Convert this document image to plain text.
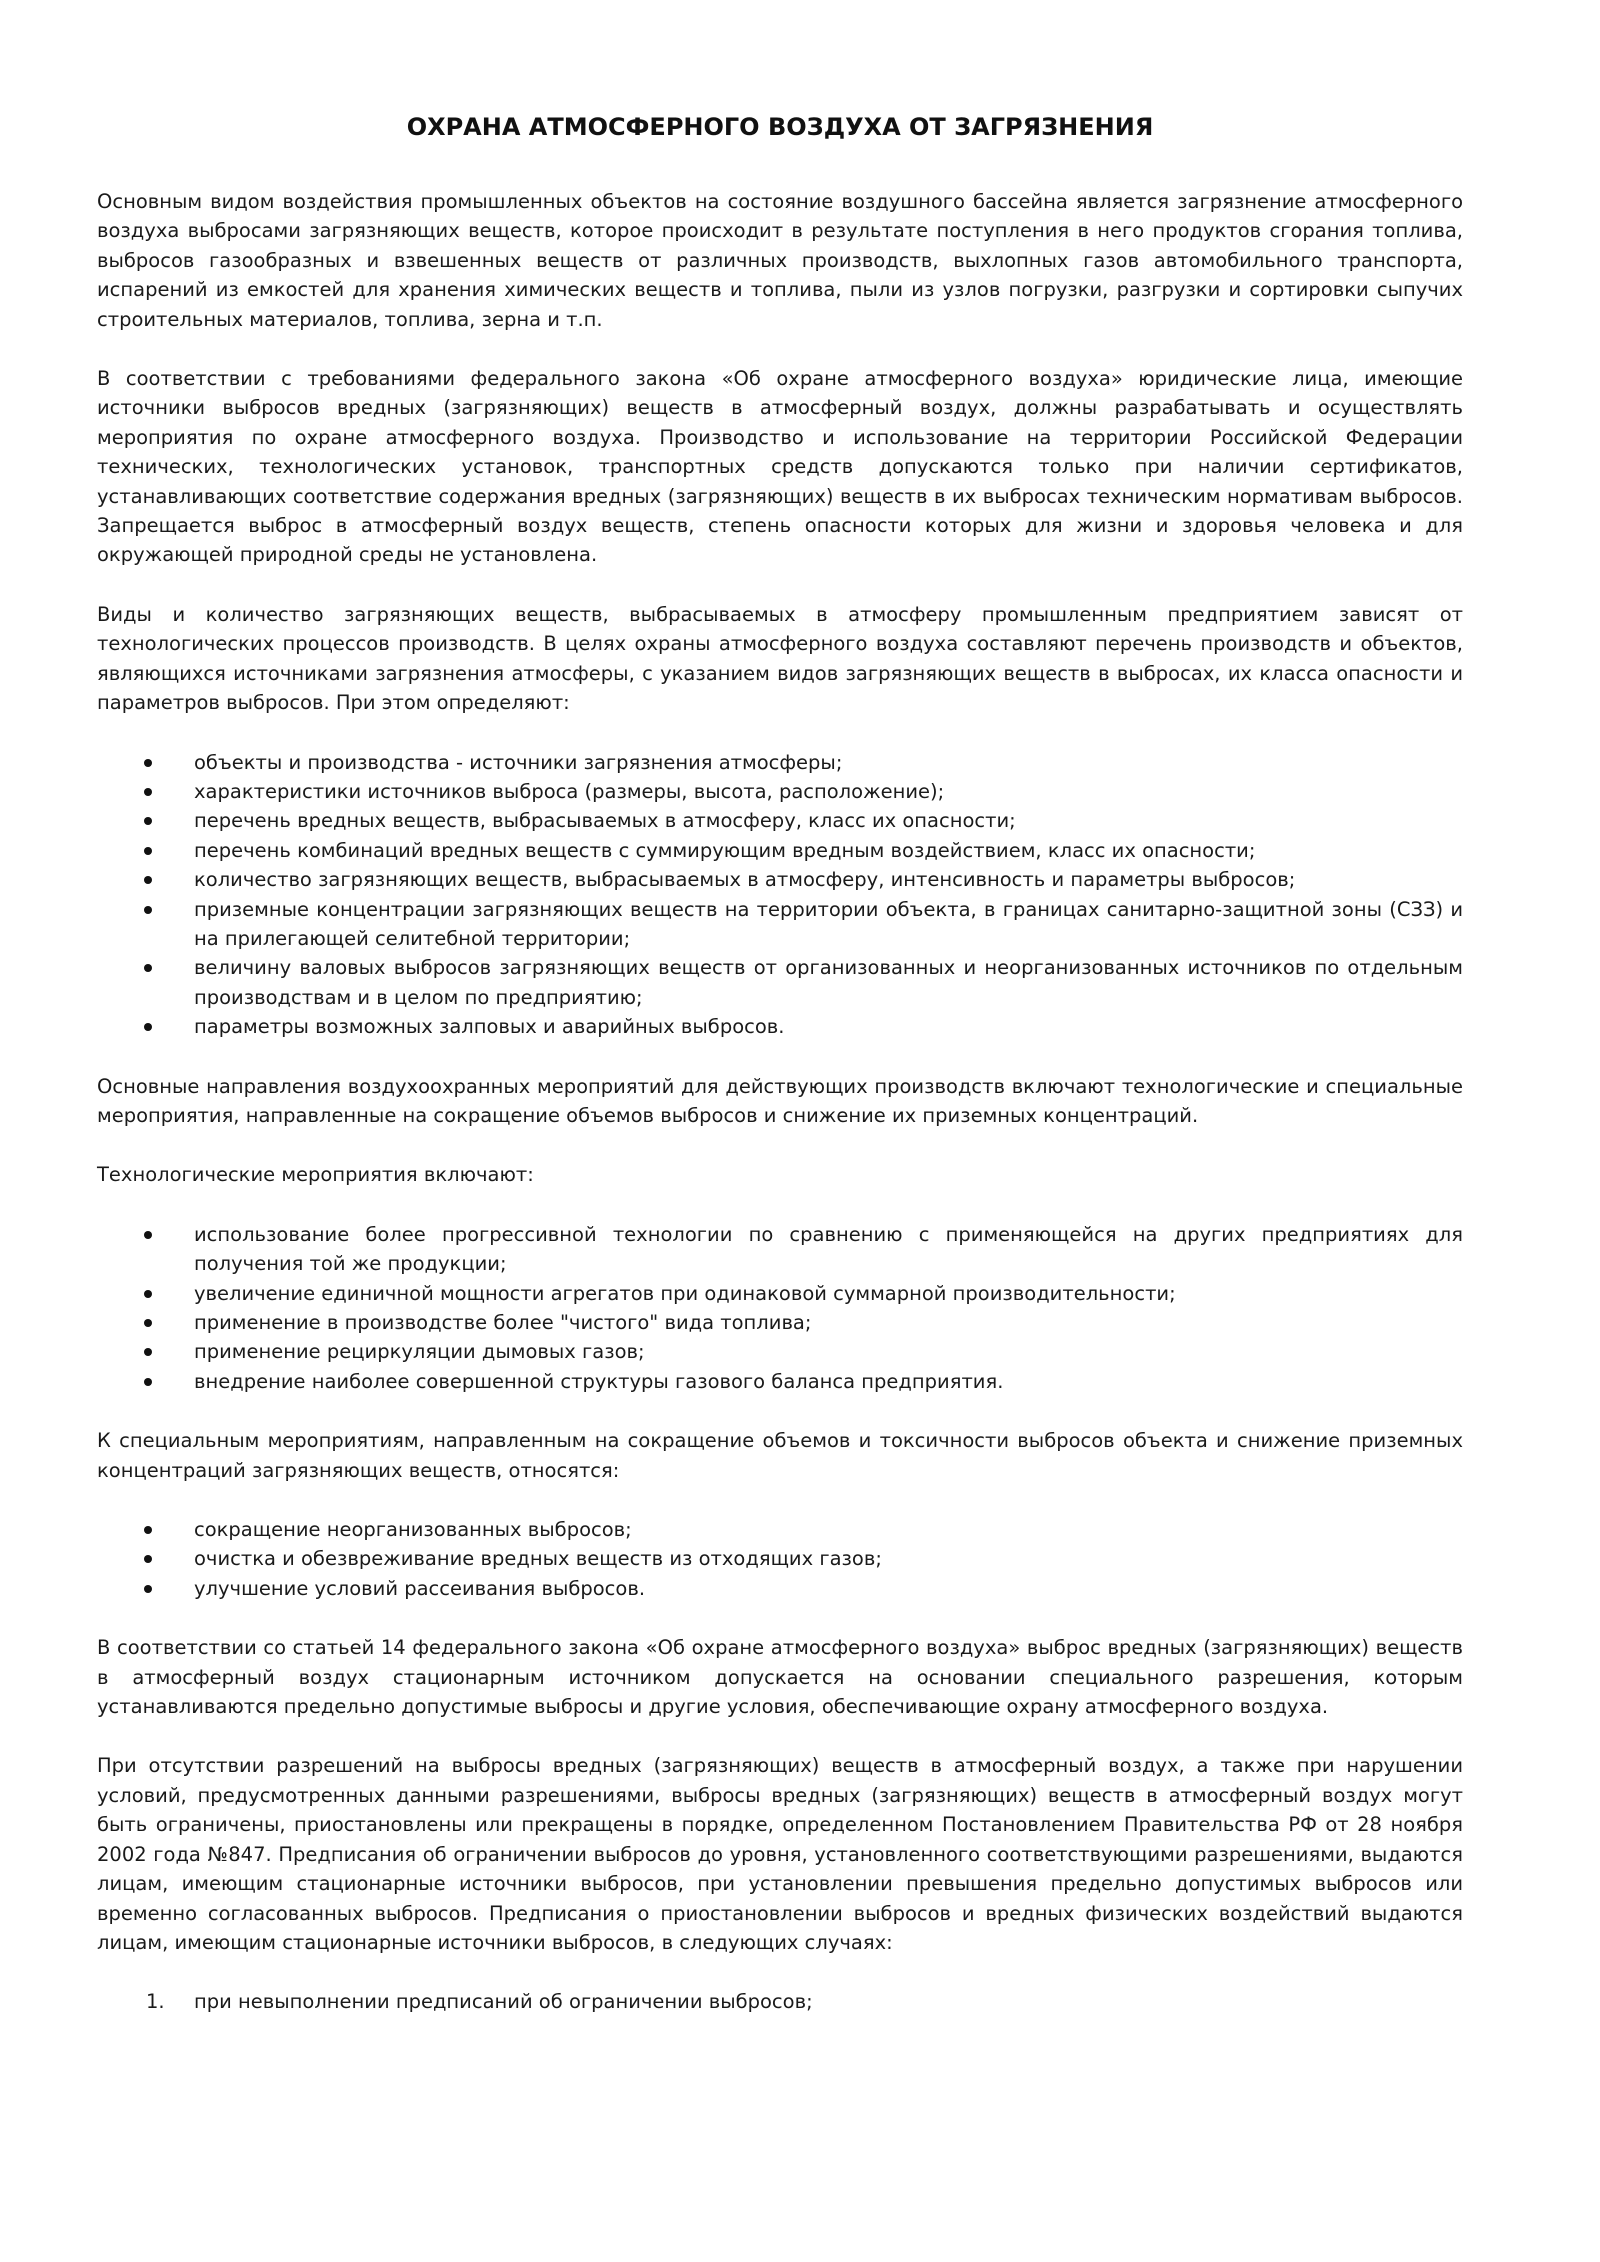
ОХРАНА АТМОСФЕРНОГО ВОЗДУХА ОТ ЗАГРЯЗНЕНИЯ

Основным видом воздействия промышленных объектов на состояние воздушного бассейна является загрязнение атмосферного воздуха выбросами загрязняющих веществ, которое происходит в результате поступления в него продуктов сгорания топлива, выбросов газообразных и взвешенных веществ от различных производств, выхлопных газов автомобильного транспорта, испарений из емкостей для хранения химических веществ и топлива, пыли из узлов погрузки, разгрузки и сортировки сыпучих строительных материалов, топлива, зерна и т.п.

В соответствии с требованиями федерального закона «Об охране атмосферного воздуха» юридические лица, имеющие источники выбросов вредных (загрязняющих) веществ в атмосферный воздух, должны разрабатывать и осуществлять мероприятия по охране атмосферного воздуха. Производство и использование на территории Российской Федерации технических, технологических установок, транспортных средств допускаются только при наличии сертификатов, устанавливающих соответствие содержания вредных (загрязняющих) веществ в их выбросах техническим нормативам выбросов. Запрещается выброс в атмосферный воздух веществ, степень опасности которых для жизни и здоровья человека и для окружающей природной среды не установлена.

Виды и количество загрязняющих веществ, выбрасываемых в атмосферу промышленным предприятием зависят от технологических процессов производств. В целях охраны атмосферного воздуха составляют перечень производств и объектов, являющихся источниками загрязнения атмосферы, с указанием видов загрязняющих веществ в выбросах, их класса опасности и параметров выбросов. При этом определяют:

объекты и производства - источники загрязнения атмосферы;
характеристики источников выброса (размеры, высота, расположение);
перечень вредных веществ, выбрасываемых в атмосферу, класс их опасности;
перечень комбинаций вредных веществ с суммирующим вредным воздействием, класс их опасности;
количество загрязняющих веществ, выбрасываемых в атмосферу, интенсивность и параметры выбросов;
приземные концентрации загрязняющих веществ на территории объекта, в границах санитарно-защитной зоны (СЗЗ) и на прилегающей селитебной территории;
величину валовых выбросов загрязняющих веществ от организованных и неорганизованных источников по отдельным производствам и в целом по предприятию;
параметры возможных залповых и аварийных выбросов.

Основные направления воздухоохранных мероприятий для действующих производств включают технологические и специальные мероприятия, направленные на сокращение объемов выбросов и снижение их приземных концентраций.

Технологические мероприятия включают:

использование более прогрессивной технологии по сравнению с применяющейся на других предприятиях для получения той же продукции;
увеличение единичной мощности агрегатов при одинаковой суммарной производительности;
применение в производстве более "чистого" вида топлива;
применение рециркуляции дымовых газов;
внедрение наиболее совершенной структуры газового баланса предприятия.

К специальным мероприятиям, направленным на сокращение объемов и токсичности выбросов объекта и снижение приземных концентраций загрязняющих веществ, относятся:

сокращение неорганизованных выбросов;
очистка и обезвреживание вредных веществ из отходящих газов;
улучшение условий рассеивания выбросов.

В соответствии со статьей 14 федерального закона «Об охране атмосферного воздуха» выброс вредных (загрязняющих) веществ в атмосферный воздух стационарным источником допускается на основании специального разрешения, которым устанавливаются предельно допустимые выбросы и другие условия, обеспечивающие охрану атмосферного воздуха.

При отсутствии разрешений на выбросы вредных (загрязняющих) веществ в атмосферный воздух, а также при нарушении условий, предусмотренных данными разрешениями, выбросы вредных (загрязняющих) веществ в атмосферный воздух могут быть ограничены, приостановлены или прекращены в порядке, определенном Постановлением Правительства РФ от 28 ноября 2002 года №847. Предписания об ограничении выбросов до уровня, установленного соответствующими разрешениями, выдаются лицам, имеющим стационарные источники выбросов, при установлении превышения предельно допустимых выбросов или временно согласованных выбросов. Предписания о приостановлении выбросов и вредных физических воздействий выдаются лицам, имеющим стационарные источники выбросов, в следующих случаях:

1. при невыполнении предписаний об ограничении выбросов;
